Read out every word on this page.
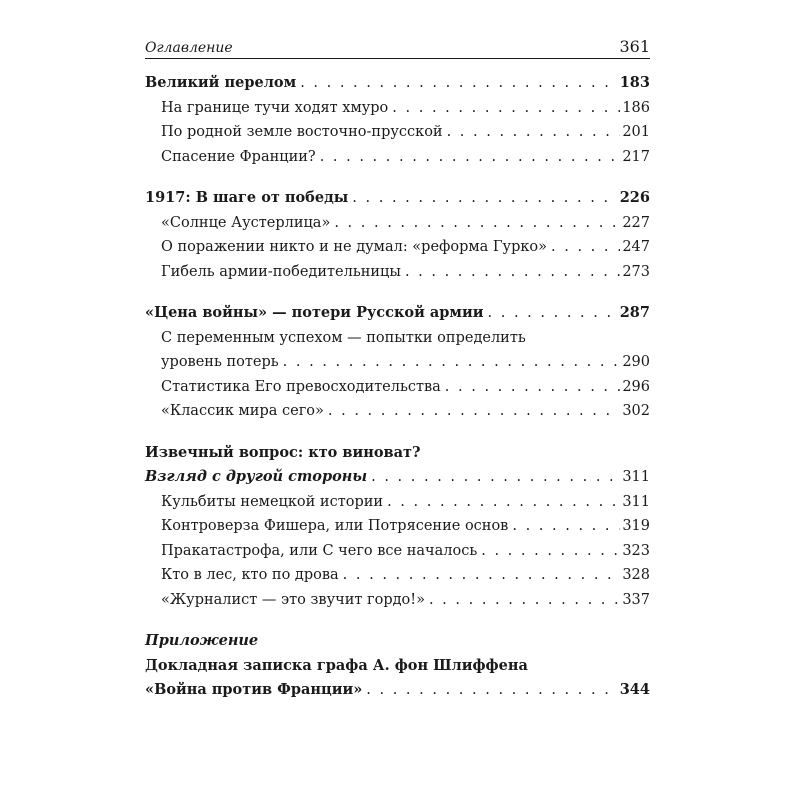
Оглавление	361
Великий перелом . . .	183
На границе тучи ходят хмуро . . .	186
По родной земле восточно-прусской . . .	201
Спасение Франции? . . .	217
1917: В шаге от победы . . .	226
«Солнце Аустерлица» . . .	227
О поражении никто и не думал: «реформа Гурко» . . .	247
Гибель армии-победительницы . . .	273
«Цена войны» — потери Русской армии . . .	287
С переменным успехом — попытки определить
уровень потерь . . .	290
Статистика Его превосходительства . . .	296
«Классик мира сего» . . .	302
Извечный вопрос: кто виноват?
Взгляд с другой стороны . . .	311
Кульбиты немецкой истории . . .	311
Контроверза Фишера, или Потрясение основ . . .	319
Пракатастрофа, или С чего все началось . . .	323
Кто в лес, кто по дрова . . .	328
«Журналист — это звучит гордо!» . . .	337
Приложение
Докладная записка графа А. фон Шлиффена
«Война против Франции» . . .	344
